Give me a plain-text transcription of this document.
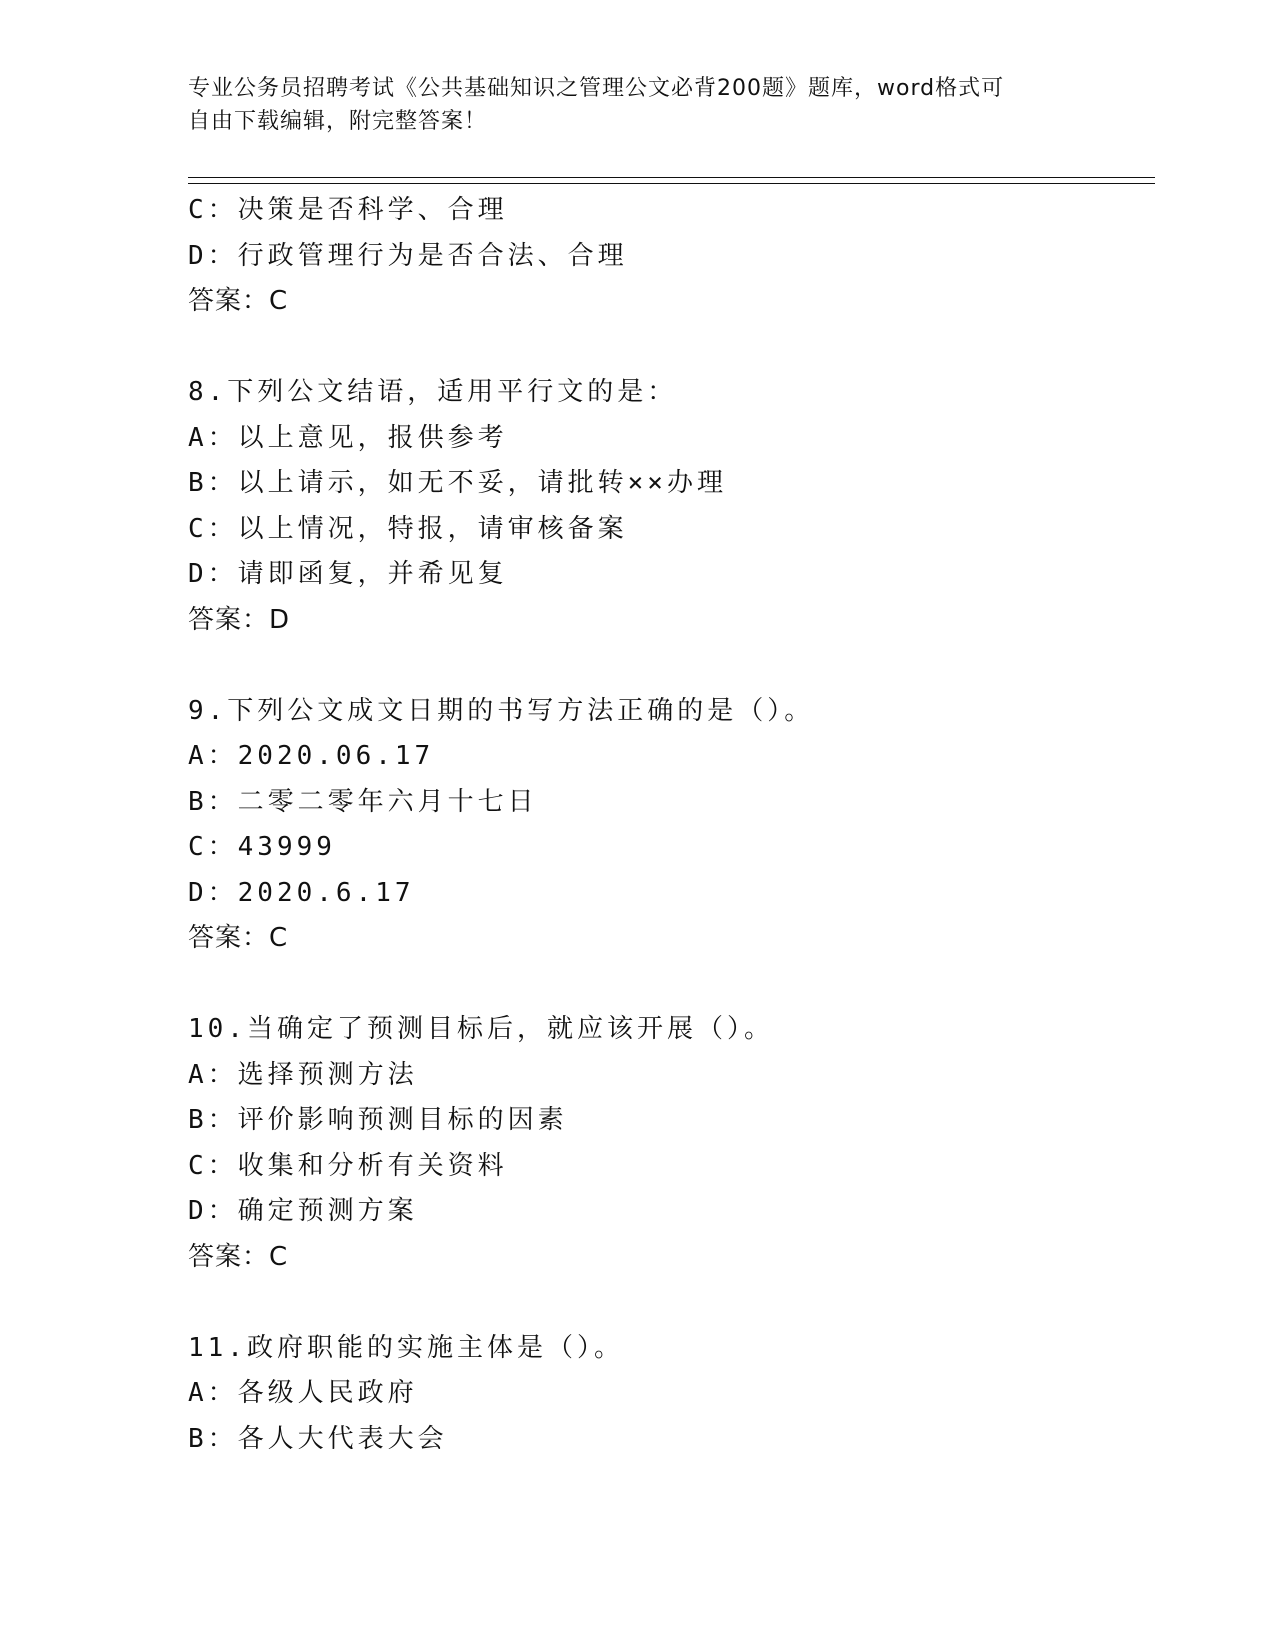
专业公务员招聘考试《公共基础知识之管理公文必背200题》题库，word格式可
自由下载编辑，附完整答案！
C：决策是否科学、合理
D：行政管理行为是否合法、合理
答案：C
8.下列公文结语，适用平行文的是：
A：以上意见，报供参考
B：以上请示，如无不妥，请批转××办理
C：以上情况，特报，请审核备案
D：请即函复，并希见复
答案：D
9.下列公文成文日期的书写方法正确的是（）。
A：2020.06.17
B：二零二零年六月十七日
C：43999
D：2020.6.17
答案：C
10.当确定了预测目标后，就应该开展（）。
A：选择预测方法
B：评价影响预测目标的因素
C：收集和分析有关资料
D：确定预测方案
答案：C
11.政府职能的实施主体是（）。
A：各级人民政府
B：各人大代表大会
